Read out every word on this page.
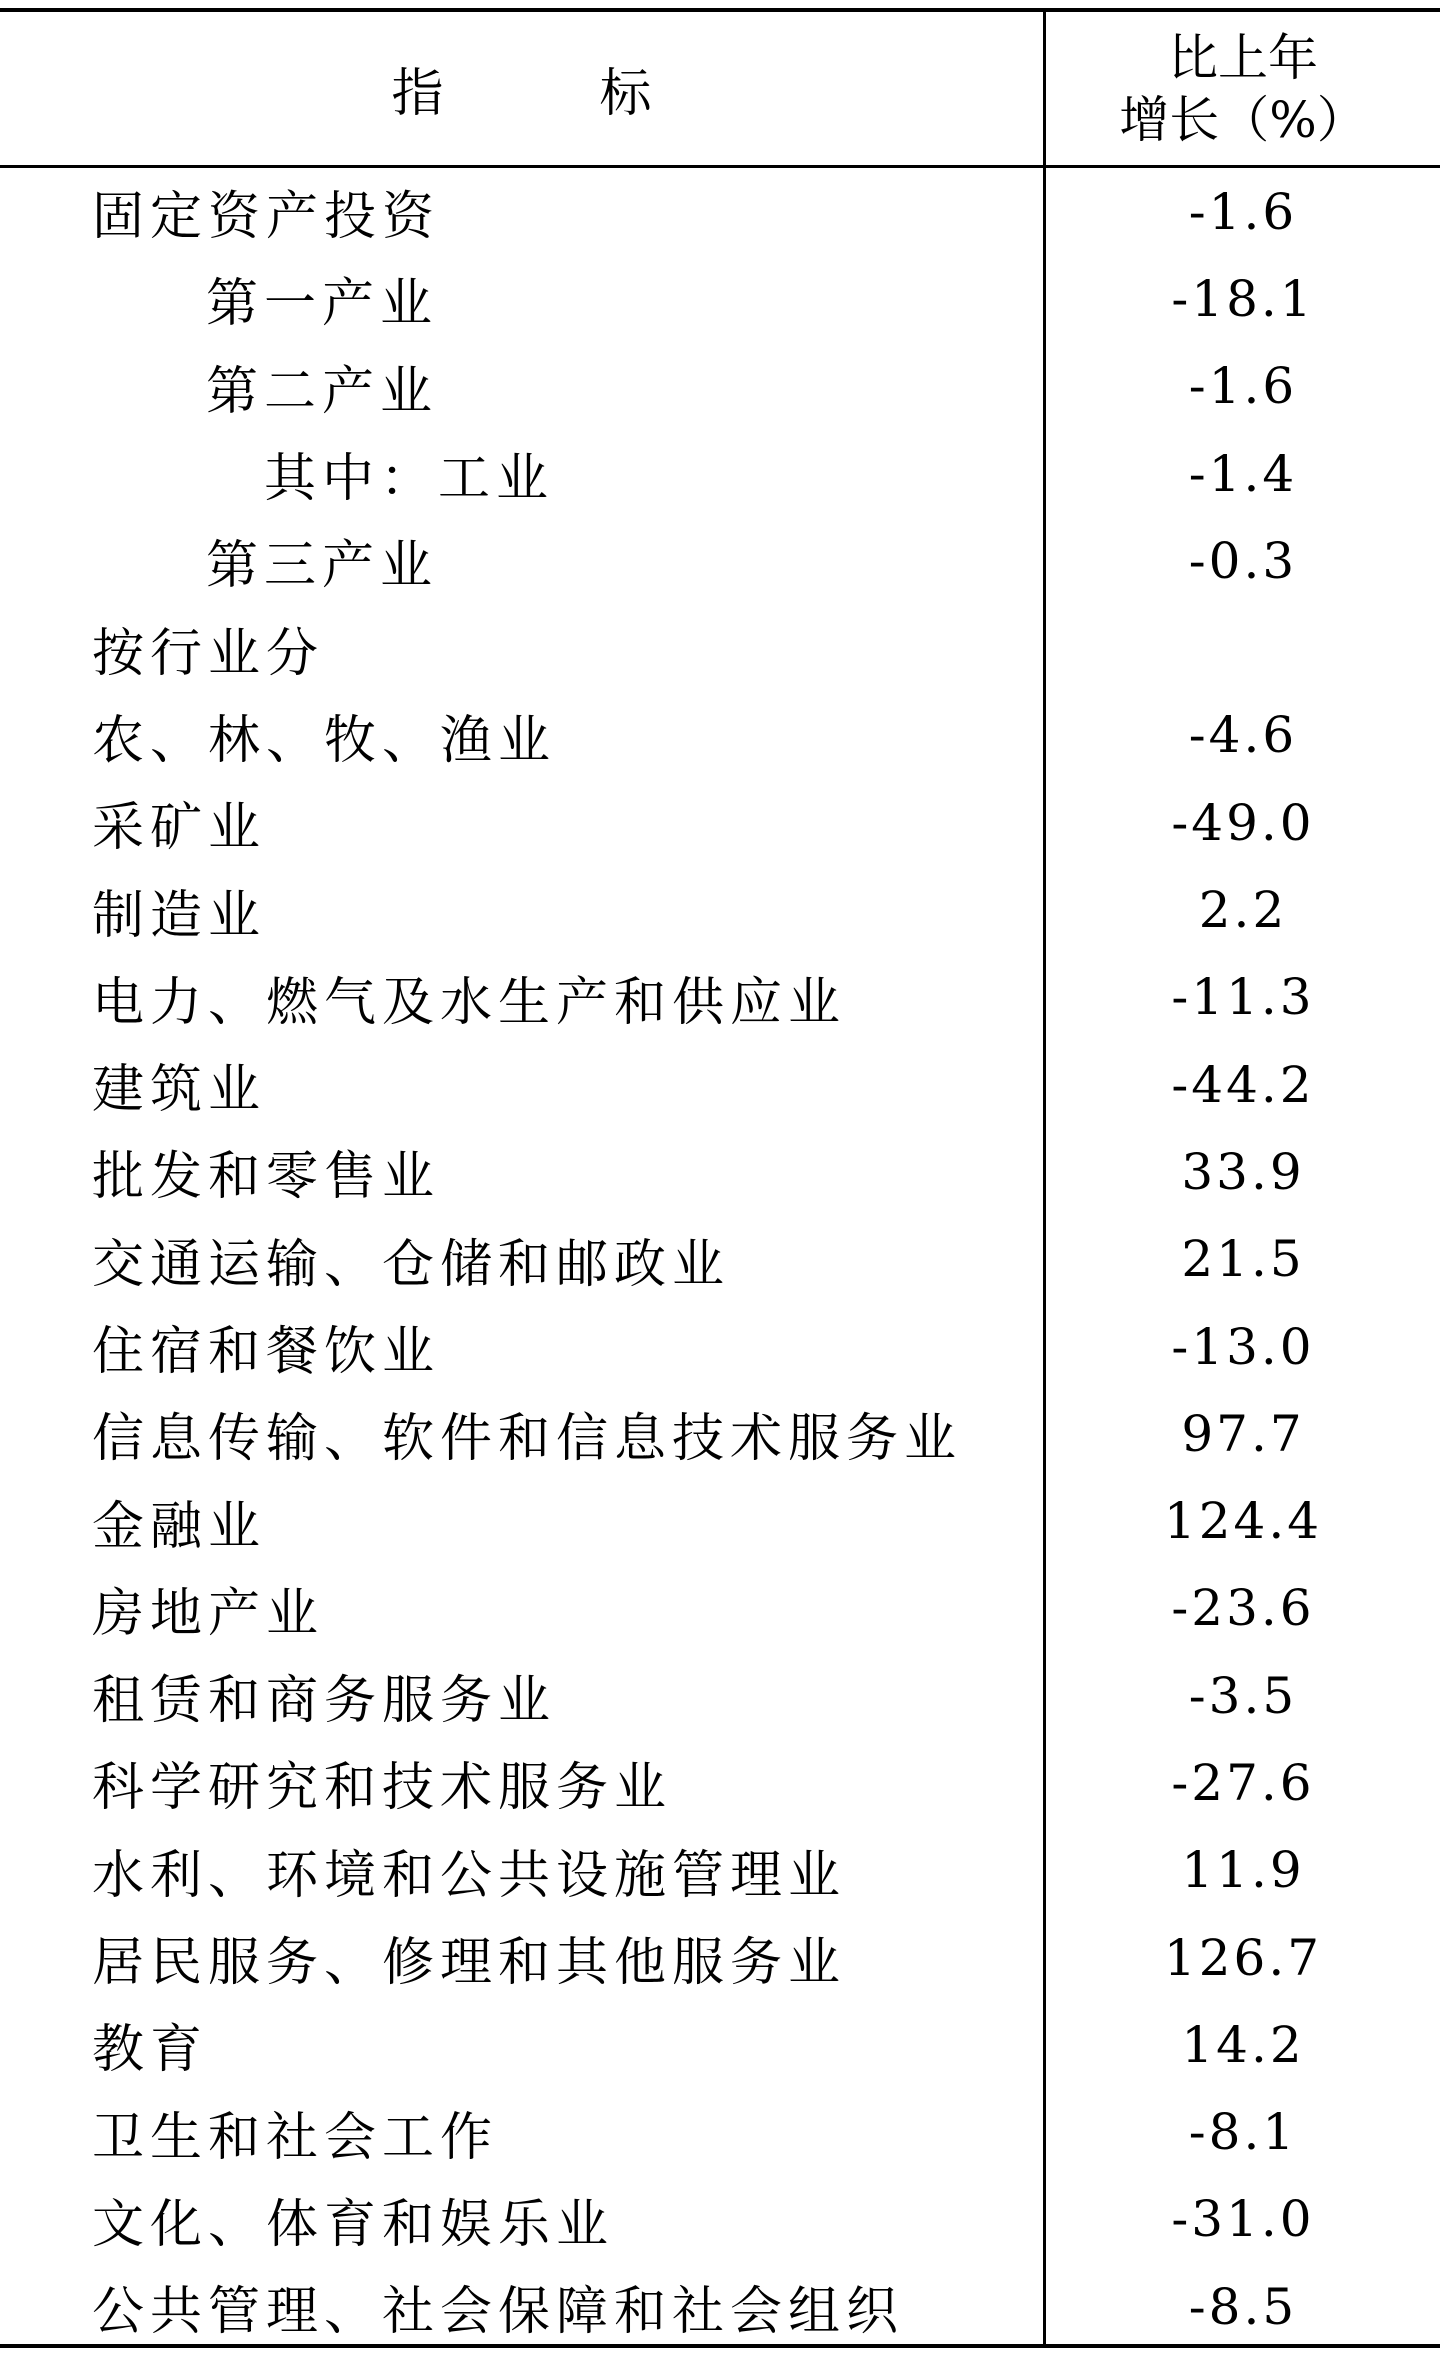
指　　　标
比上年
增长（%）
固定资产投资	-1.6
第一产业	-18.1
第二产业	-1.6
其中：工业	-1.4
第三产业	-0.3
按行业分
农、林、牧、渔业	-4.6
采矿业	-49.0
制造业	2.2
电力、燃气及水生产和供应业	-11.3
建筑业	-44.2
批发和零售业	33.9
交通运输、仓储和邮政业	21.5
住宿和餐饮业	-13.0
信息传输、软件和信息技术服务业	97.7
金融业	124.4
房地产业	-23.6
租赁和商务服务业	-3.5
科学研究和技术服务业	-27.6
水利、环境和公共设施管理业	11.9
居民服务、修理和其他服务业	126.7
教育	14.2
卫生和社会工作	-8.1
文化、体育和娱乐业	-31.0
公共管理、社会保障和社会组织	-8.5
